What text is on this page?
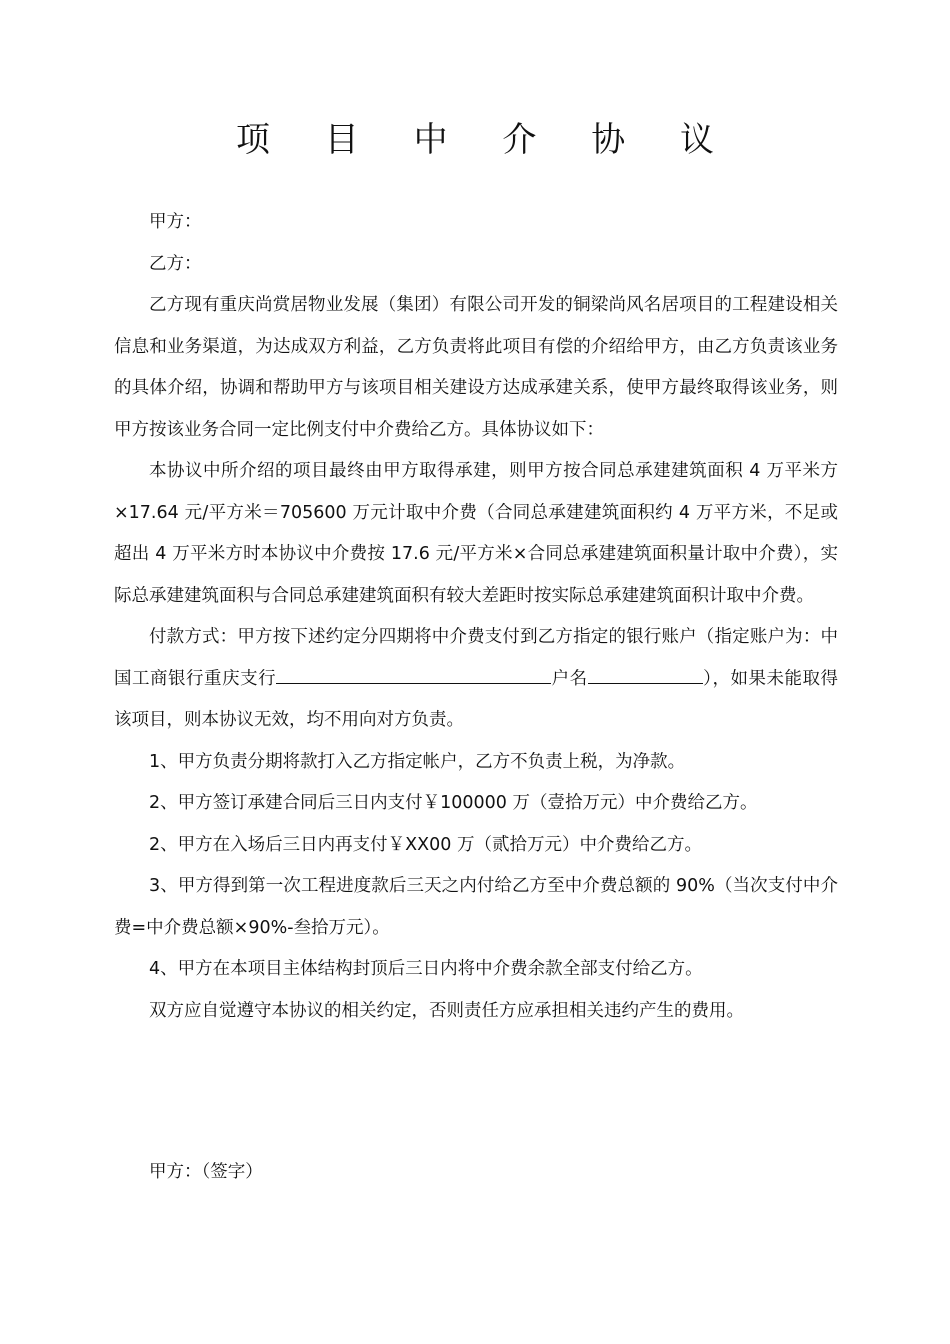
项 目 中 介 协 议

甲方：

乙方：

乙方现有重庆尚赏居物业发展（集团）有限公司开发的铜梁尚风名居项目的工程建设相关信息和业务渠道，为达成双方利益，乙方负责将此项目有偿的介绍给甲方，由乙方负责该业务的具体介绍，协调和帮助甲方与该项目相关建设方达成承建关系，使甲方最终取得该业务，则甲方按该业务合同一定比例支付中介费给乙方。具体协议如下：

本协议中所介绍的项目最终由甲方取得承建，则甲方按合同总承建建筑面积 4 万平米方×17.64 元/平方米＝705600 万元计取中介费（合同总承建建筑面积约 4 万平方米，不足或超出 4 万平米方时本协议中介费按 17.6 元/平方米×合同总承建建筑面积量计取中介费），实际总承建建筑面积与合同总承建建筑面积有较大差距时按实际总承建建筑面积计取中介费。

付款方式：甲方按下述约定分四期将中介费支付到乙方指定的银行账户（指定账户为：中国工商银行重庆支行	户名	），如果未能取得该项目，则本协议无效，均不用向对方负责。

1、甲方负责分期将款打入乙方指定帐户，乙方不负责上税，为净款。

2、甲方签订承建合同后三日内支付￥100000 万（壹拾万元）中介费给乙方。

2、甲方在入场后三日内再支付￥XX00 万（贰拾万元）中介费给乙方。

3、甲方得到第一次工程进度款后三天之内付给乙方至中介费总额的 90%（当次支付中介费=中介费总额×90%-叁拾万元）。

4、甲方在本项目主体结构封顶后三日内将中介费余款全部支付给乙方。

双方应自觉遵守本协议的相关约定，否则责任方应承担相关违约产生的费用。

甲方：（签字）
